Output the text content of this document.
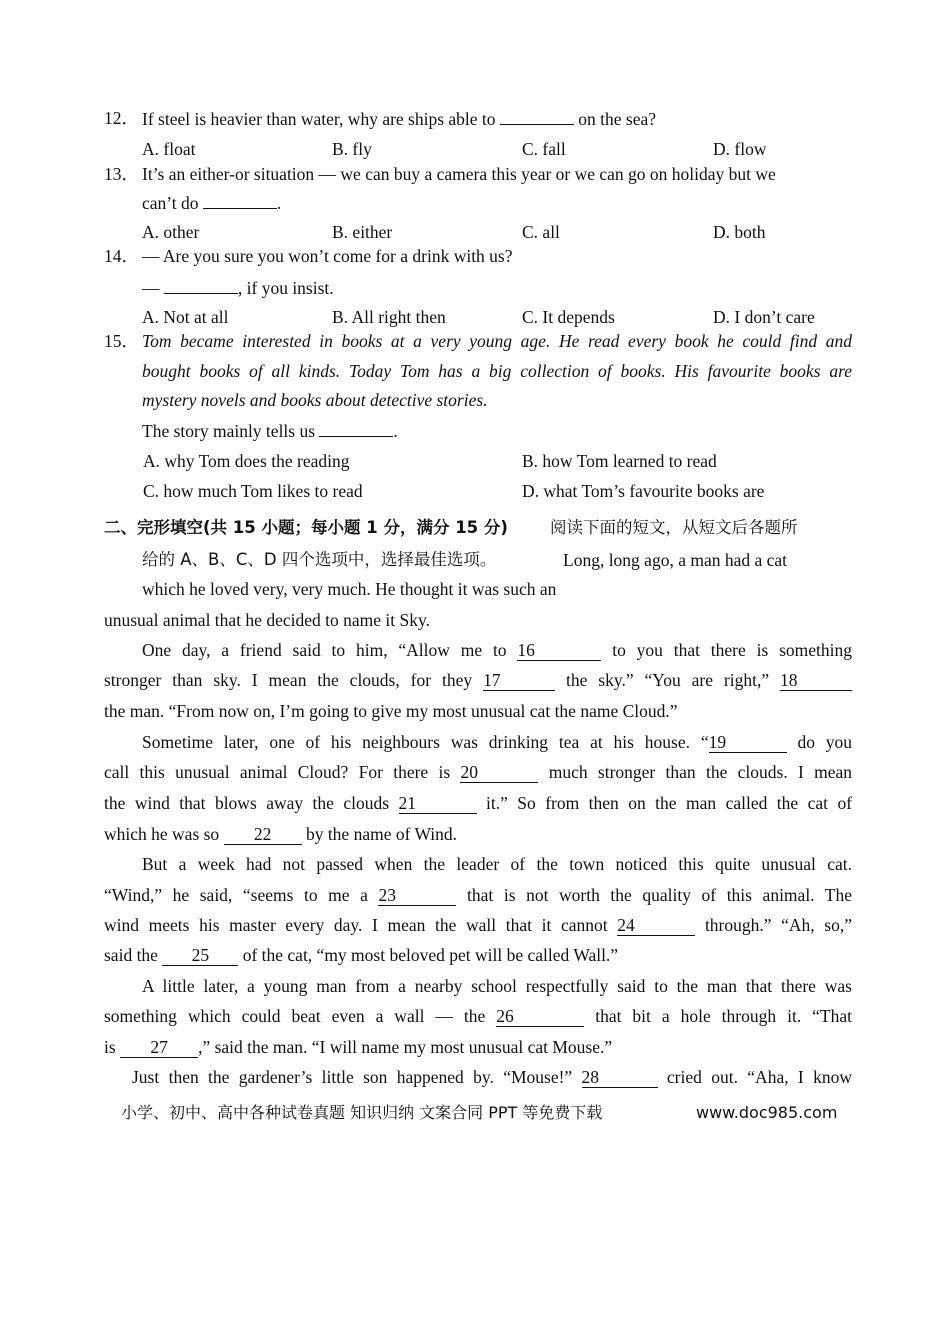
12． If steel is heavier than water, why are ships able to	on the sea?
A. float	B. fly	C. fall	D. flow
13． It’s an either-or situation — we can buy a camera this year or we can go on holiday but we
can’t do	.
A. other	B. either	C. all	D. both
14． — Are you sure you won’t come for a drink with us?
—	, if you insist.
A. Not at all	B. All right then	C. It depends	D. I don’t care
15． Tom became interested in books at a very young age. He read every book he could find and
bought books of all kinds. Today Tom has a big collection of books. His favourite books are
mystery novels and books about detective stories.
The story mainly tells us	.
A. why Tom does the reading	B. how Tom learned to read
C. how much Tom likes to read	D. what Tom’s favourite books are
二、完形填空(共 15 小题；每小题 1 分，满分 15 分)	阅读下面的短文，从短文后各题所
给的 A、B、C、D 四个选项中，选择最佳选项。	Long, long ago, a man had a cat
which he loved very, very much. He thought it was such an
unusual animal that he decided to name it Sky.
One day, a friend said to him, “Allow me to 16	to you that there is something
stronger than sky. I mean the clouds, for they 17	the sky.” “You are right,” 18
the man. “From now on, I’m going to give my most unusual cat the name Cloud.”
Sometime later, one of his neighbours was drinking tea at his house. “19	do you
call this unusual animal Cloud? For there is 20	much stronger than the clouds. I mean
the wind that blows away the clouds 21	it.” So from then on the man called the cat of
which he was so 22 by the name of Wind.
But a week had not passed when the leader of the town noticed this quite unusual cat.
“Wind,” he said, “seems to me a 23	that is not worth the quality of this animal. The
wind meets his master every day. I mean the wall that it cannot 24	through.” “Ah, so,”
said the 25 of the cat, “my most beloved pet will be called Wall.”
A little later, a young man from a nearby school respectfully said to the man that there was
something which could beat even a wall — the 26	that bit a hole through it. “That
is 27 ,” said the man. “I will name my most unusual cat Mouse.”
Just then the gardener’s little son happened by. “Mouse!” 28	cried out. “Aha, I know
小学、初中、高中各种试卷真题 知识归纳 文案合同 PPT 等免费下载	www.doc985.com
